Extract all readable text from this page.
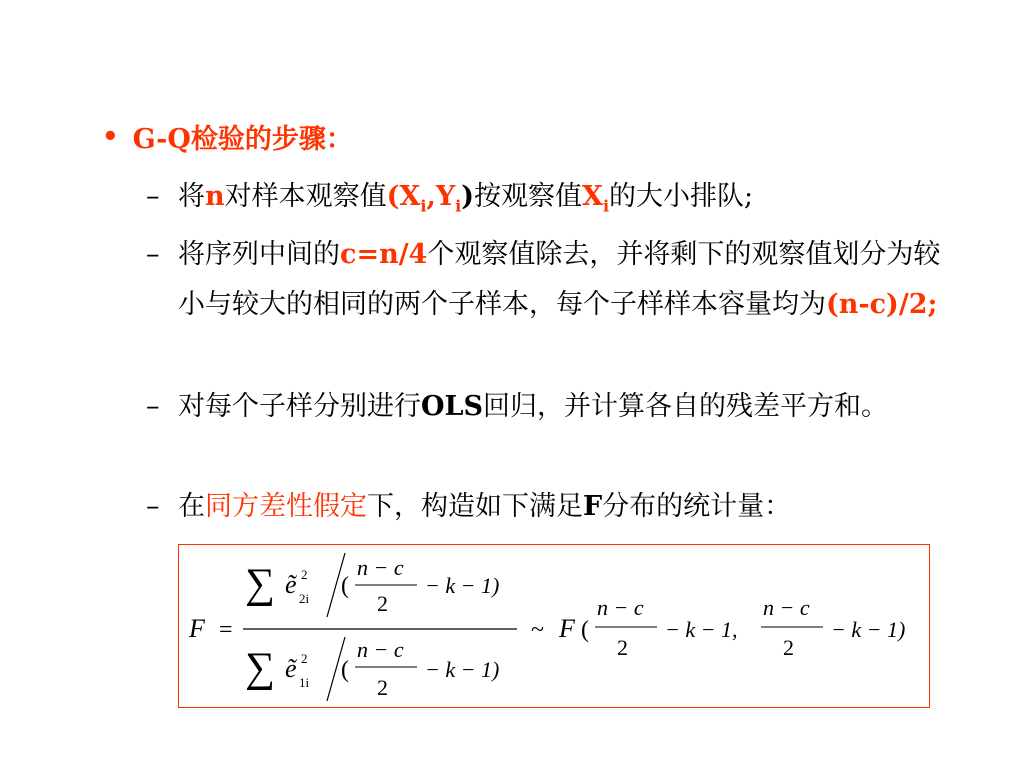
• G-Q检验的步骤：
– 将n对样本观察值$(X_i,Y_i)$按观察值$X_i$的大小排队;
– 将序列中间的c=n/4个观察值除去，并将剩下的观察值划分为较小与较大的相同的两个子样本，每个子样样本容量均为(n-c)/2;
– 对每个子样分别进行OLS回归，并计算各自的残差平方和。
– 在同方差性假定下，构造如下满足F分布的统计量：
F =
∑ ẽ 2
2i (
n − c
2
− k − 1)
∑ ẽ 2
1i (
n − c
2
− k − 1)
~ F (
n − c
2
− k − 1,
n − c
2
− k − 1)
